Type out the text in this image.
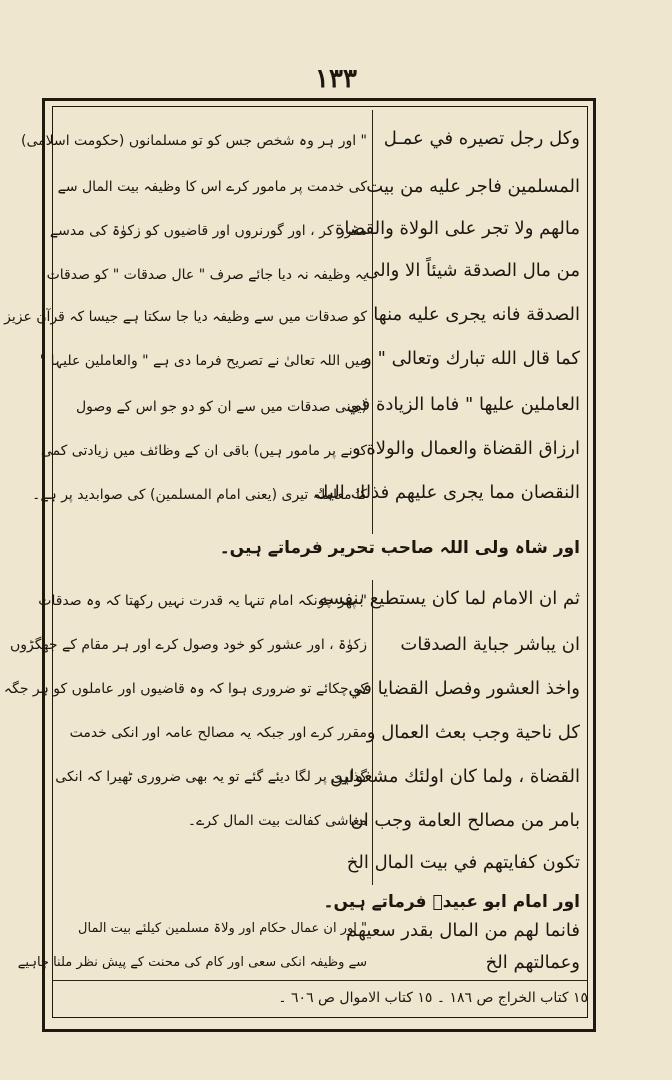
١٣٣
وكل رجل تصيره في عمـل
المسلمين فاجر عليه من بيت
مالهم ولا تجر على الولاة والقضاة
من مال الصدقة شيئاً الا والى
الصدقة فانه يجرى عليه منها
كما قال الله تبارك وتعالى " و
العاملين عليها " فاما الزيادة في
ارزاق القضاة والعمال والولاة و
النقصان مما يجرى عليهم فذلك اليك
" اور ہر وہ شخص جس کو تو مسلمانوں (حکومت اسلامی)
کی خدمت پر مامور کرے اس کا وظیفہ بیت المال سے
مقرر کر ، اور گورنروں اور قاضیوں کو زکوٰۃ کی مدسے
یہ وظیفہ نہ دیا جائے صرف " عال صدقات " کو صدقات
کو صدقات میں سے وظیفہ دیا جا سکتا ہے جیسا کہ قرآن عزیز
میں اللہ تعالیٰ نے تصریح فرما دی ہے " والعاملین علیہا "
(یعنی صدقات میں سے ان کو دو جو اس کے وصول
کرنے پر مامور ہیں) باقی ان کے وظائف میں زیادتی کمی
کا معاملہ تیری (یعنی امام المسلمین) کی صوابدید پر ہے۔
اور شاہ ولی اللہ صاحب تحریر فرماتے ہیں۔
ثم ان الامام لما كان يستطيع بنفسه
ان يباشر جباية الصدقات
واخذ العشور وفصل القضايا في
كل ناحية وجب بعث العمال و
القضاة ، ولما كان اولئك مشغولين
بامر من مصالح العامة وجب ان
تكون كفايتهم في بيت المال الخ
" پھر چونکہ امام تنہا یہ قدرت نہیں رکھتا کہ وہ صدقات
زکوٰۃ ، اور عشور کو خود وصول کرے اور ہر مقام کے جھگڑوں
کو چکائے تو ضروری ہوا کہ وہ قاضیوں اور عاملوں کو ہر جگہ
مقرر کرے اور جبکہ یہ مصالح عامہ اور انکی خدمت
گذاری پر لگا دیئے گئے تو یہ بھی ضروری ٹھیرا کہ انکی
معاشی کفالت بیت المال کرے۔
اور امام ابو عبیدؒ فرماتے ہیں۔
فانما لهم من المال بقدر سعيهم
وعمالتهم الخ
" اور ان عمال حکام اور ولاۃ مسلمین کیلئے بیت المال
سے وظیفہ انکی سعی اور کام کی محنت کے پیش نظر ملنا چاہیے
١٥ كتاب الخراج ص ١٨٦ ۔ ١٥ كتاب الاموال ص ٦٠٦ ۔
